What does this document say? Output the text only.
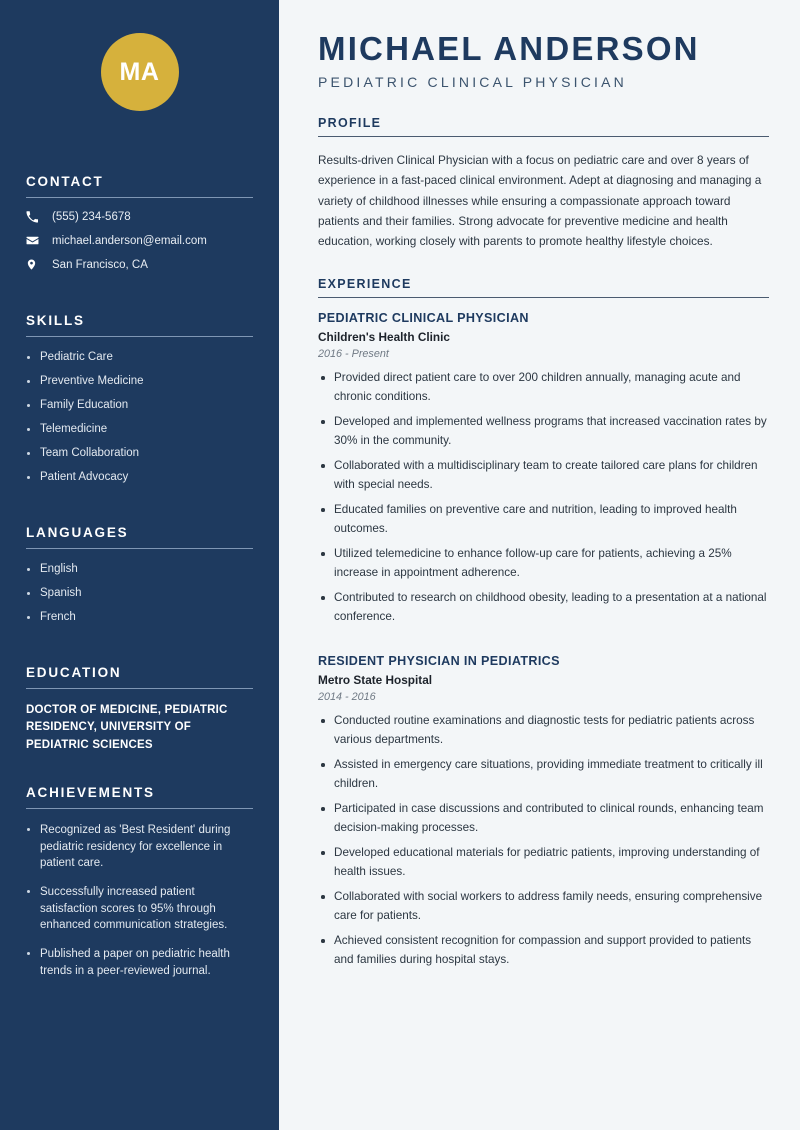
MA
CONTACT
(555) 234-5678
michael.anderson@email.com
San Francisco, CA
SKILLS
Pediatric Care
Preventive Medicine
Family Education
Telemedicine
Team Collaboration
Patient Advocacy
LANGUAGES
English
Spanish
French
EDUCATION
DOCTOR OF MEDICINE, PEDIATRIC RESIDENCY, UNIVERSITY OF PEDIATRIC SCIENCES
ACHIEVEMENTS
Recognized as 'Best Resident' during pediatric residency for excellence in patient care.
Successfully increased patient satisfaction scores to 95% through enhanced communication strategies.
Published a paper on pediatric health trends in a peer-reviewed journal.
MICHAEL ANDERSON
PEDIATRIC CLINICAL PHYSICIAN
PROFILE

Results-driven Clinical Physician with a focus on pediatric care and over 8 years of experience in a fast-paced clinical environment. Adept at diagnosing and managing a variety of childhood illnesses while ensuring a compassionate approach toward patients and their families. Strong advocate for preventive medicine and health education, working closely with parents to promote healthy lifestyle choices.

EXPERIENCE
PEDIATRIC CLINICAL PHYSICIAN
Children's Health Clinic
2016 - Present
Provided direct patient care to over 200 children annually, managing acute and chronic conditions.
Developed and implemented wellness programs that increased vaccination rates by 30% in the community.
Collaborated with a multidisciplinary team to create tailored care plans for children with special needs.
Educated families on preventive care and nutrition, leading to improved health outcomes.
Utilized telemedicine to enhance follow-up care for patients, achieving a 25% increase in appointment adherence.
Contributed to research on childhood obesity, leading to a presentation at a national conference.
RESIDENT PHYSICIAN IN PEDIATRICS
Metro State Hospital
2014 - 2016
Conducted routine examinations and diagnostic tests for pediatric patients across various departments.
Assisted in emergency care situations, providing immediate treatment to critically ill children.
Participated in case discussions and contributed to clinical rounds, enhancing team decision-making processes.
Developed educational materials for pediatric patients, improving understanding of health issues.
Collaborated with social workers to address family needs, ensuring comprehensive care for patients.
Achieved consistent recognition for compassion and support provided to patients and families during hospital stays.
